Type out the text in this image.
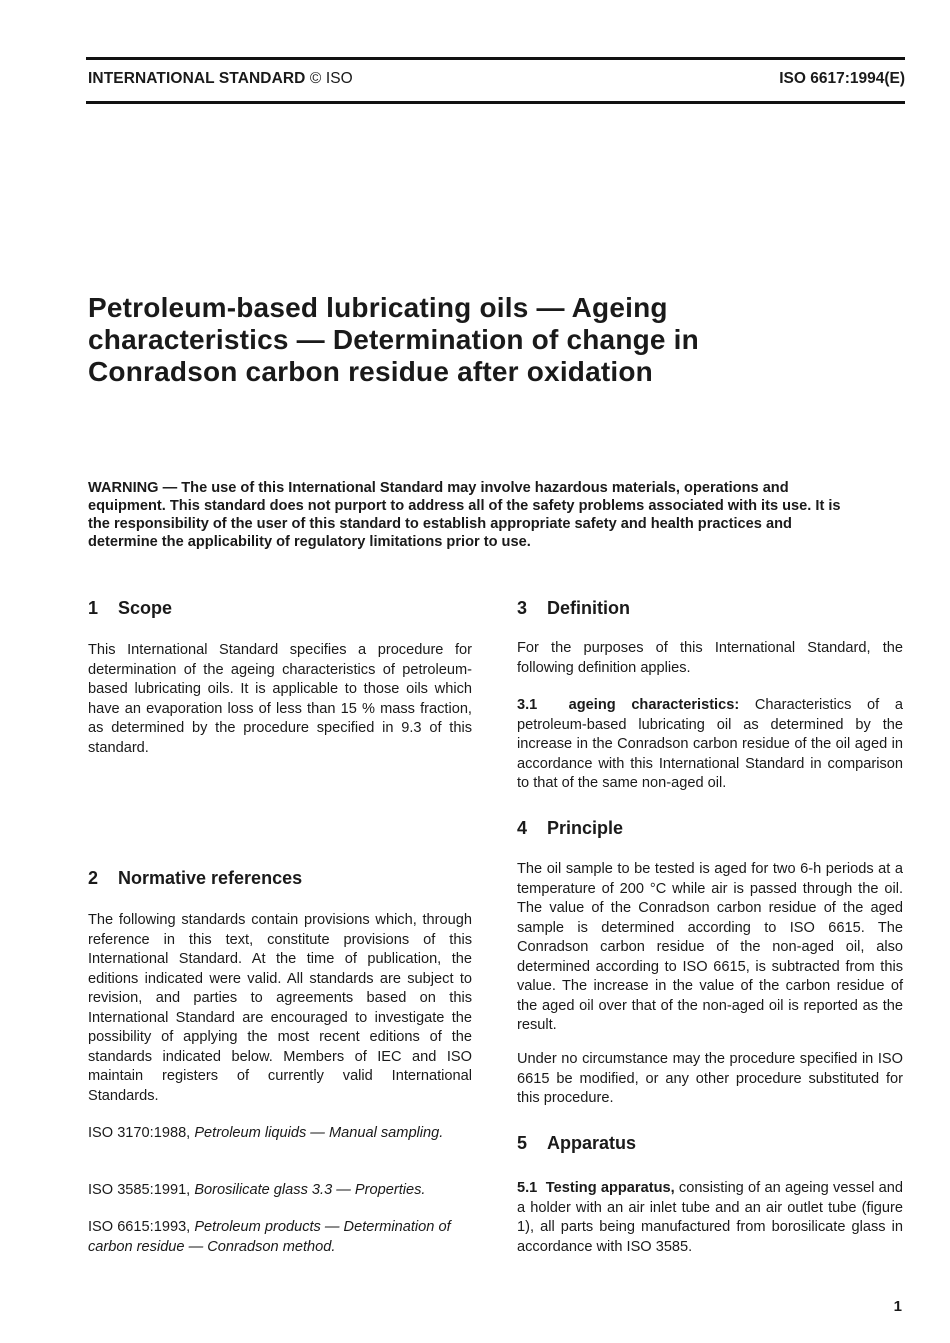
INTERNATIONAL STANDARD © ISO	ISO 6617:1994(E)
Petroleum-based lubricating oils — Ageing
characteristics — Determination of change in
Conradson carbon residue after oxidation

WARNING — The use of this International Standard may involve hazardous materials, operations and equipment. This standard does not purport to address all of the safety problems associated with its use. It is the responsibility of the user of this standard to establish appropriate safety and health practices and determine the applicability of regulatory limitations prior to use.

1 Scope

This International Standard specifies a procedure for determination of the ageing characteristics of petroleum-based lubricating oils. It is applicable to those oils which have an evaporation loss of less than 15 % mass fraction, as determined by the procedure specified in 9.3 of this standard.

2 Normative references

The following standards contain provisions which, through reference in this text, constitute provisions of this International Standard. At the time of publication, the editions indicated were valid. All standards are subject to revision, and parties to agreements based on this International Standard are encouraged to investigate the possibility of applying the most recent editions of the standards indicated below. Members of IEC and ISO maintain registers of currently valid International Standards.

ISO 3170:1988, Petroleum liquids — Manual sampling.

ISO 3585:1991, Borosilicate glass 3.3 — Properties.

ISO 6615:1993, Petroleum products — Determination of carbon residue — Conradson method.

3 Definition

For the purposes of this International Standard, the following definition applies.

3.1 ageing characteristics: Characteristics of a petroleum-based lubricating oil as determined by the increase in the Conradson carbon residue of the oil aged in accordance with this International Standard in comparison to that of the same non-aged oil.

4 Principle

The oil sample to be tested is aged for two 6-h periods at a temperature of 200 °C while air is passed through the oil. The value of the Conradson carbon residue of the aged sample is determined according to ISO 6615. The Conradson carbon residue of the non-aged oil, also determined according to ISO 6615, is subtracted from this value. The increase in the value of the carbon residue of the aged oil over that of the non-aged oil is reported as the result.

Under no circumstance may the procedure specified in ISO 6615 be modified, or any other procedure substituted for this procedure.

5 Apparatus

5.1 Testing apparatus, consisting of an ageing vessel and a holder with an air inlet tube and an air outlet tube (figure 1), all parts being manufactured from borosilicate glass in accordance with ISO 3585.

1
